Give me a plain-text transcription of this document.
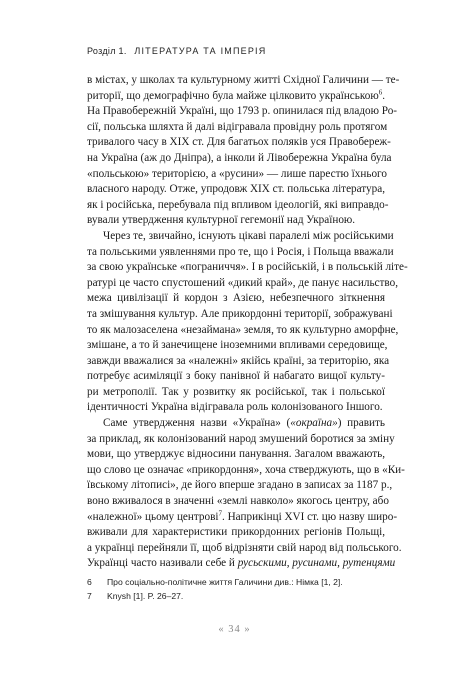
Розділ 1. ЛІТЕРАТУРА ТА ІМПЕРІЯ

в містах, у школах та культурному житті Східної Галичини — те-
риторії, що демографічно була майже цілковито українською$^6$.
На Правобережній Україні, що 1793 р. опинилася під владою Ро-
сії, польська шляхта й далі відігравала провідну роль протягом
тривалого часу в XIX ст. Для багатьох поляків уся Правобереж-
на Україна (аж до Дніпра), а інколи й Лівобережна Україна була
«польською» територією, а «русини» — лише парестю їхнього
власного народу. Отже, упродовж XIX ст. польська література,
як і російська, перебувала під впливом ідеологій, які виправдо-
вували утвердження культурної гегемонії над Україною.

Через те, звичайно, існують цікаві паралелі між російськими
та польськими уявленнями про те, що і Росія, і Польща вважали
за свою українське «пограниччя». І в російській, і в польській літе-
ратурі це часто спустошений «дикий край», де панує насильство,
межа цивілізації й кордон з Азією, небезпечного зіткнення
та змішування культур. Але прикордонні території, зображувані
то як малозаселена «незаймана» земля, то як культурно аморфне,
змішане, а то й занечищене іноземними впливами середовище,
завжди вважалися за «належні» якійсь країні, за територію, яка
потребує асиміляції з боку панівної й набагато вищої культу-
ри метрополії. Так у розвитку як російської, так і польської
ідентичності Україна відігравала роль колонізованого Іншого.

Саме утвердження назви «Україна» («окраїна») править
за приклад, як колонізований народ змушений боротися за зміну
мови, що утверджує відносини панування. Загалом вважають,
що слово це означає «прикордоння», хоча стверджують, що в «Ки-
ївському літописі», де його вперше згадано в записах за 1187 р.,
воно вживалося в значенні «землі навколо» якогось центру, або
«належної» цьому центрові$^7$. Наприкінці XVI ст. цю назву широ-
вживали для характеристики прикордонних регіонів Польщі,
а українці перейняли її, щоб відрізняти свій народ від польського.
Українці часто називали себе й русьскими, русинами, рутенцями

6 Про соціально-політичне життя Галичини див.: Німка [1, 2].
7 Knysh [1]. P. 26–27.
« 34 »
